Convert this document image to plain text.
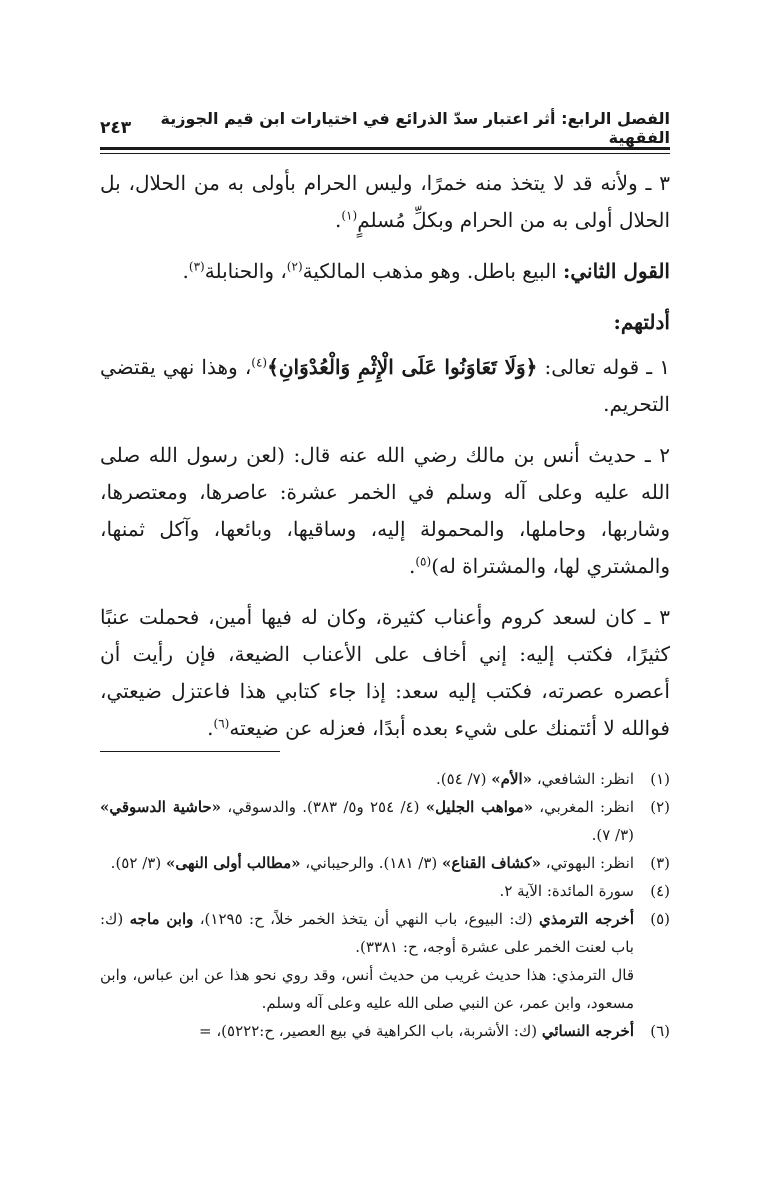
الفصل الرابع: أثر اعتبار سدّ الذرائع في اختيارات ابن قيم الجوزية الفقهية
٢٤٣

٣ ـ ولأنه قد لا يتخذ منه خمرًا، وليس الحرام بأولى به من الحلال، بل الحلال أولى به من الحرام وبكلِّ مُسلمٍ$^{(١)}$.

القول الثاني: البيع باطل. وهو مذهب المالكية$^{(٢)}$، والحنابلة$^{(٣)}$.

أدلتهم:

١ ـ قوله تعالى: ﴿وَلَا تَعَاوَنُوا عَلَى الْإِثْمِ وَالْعُدْوَانِ﴾$^{(٤)}$، وهذا نهي يقتضي التحريم.

٢ ـ حديث أنس بن مالك رضي الله عنه قال: (لعن رسول الله صلى الله عليه وعلى آله وسلم في الخمر عشرة: عاصرها، ومعتصرها، وشاربها، وحاملها، والمحمولة إليه، وساقيها، وبائعها، وآكل ثمنها، والمشتري لها، والمشتراة له)$^{(٥)}$.

٣ ـ كان لسعد كروم وأعناب كثيرة، وكان له فيها أمين، فحملت عنبًا كثيرًا، فكتب إليه: إني أخاف على الأعناب الضيعة، فإن رأيت أن أعصره عصرته، فكتب إليه سعد: إذا جاء كتابي هذا فاعتزل ضيعتي، فوالله لا أئتمنك على شيء بعده أبدًا، فعزله عن ضيعته$^{(٦)}$.

(١)
انظر: الشافعي، «الأم» (٧/ ٥٤).
(٢)
انظر: المغربي، «مواهب الجليل» (٤/ ٢٥٤ و٥/ ٣٨٣). والدسوقي، «حاشية الدسوقي» (٣/ ٧).
(٣)
انظر: البهوتي، «كشاف القناع» (٣/ ١٨١). والرحيباني، «مطالب أولى النهى» (٣/ ٥٢).
(٤)
سورة المائدة: الآية ٢.
(٥)
أخرجه الترمذي (ك: البيوع، باب النهي أن يتخذ الخمر خلاً، ح: ١٢٩٥)، وابن ماجه (ك: باب لعنت الخمر على عشرة أوجه، ح: ٣٣٨١).
قال الترمذي: هذا حديث غريب من حديث أنس، وقد روي نحو هذا عن ابن عباس، وابن مسعود، وابن عمر، عن النبي صلى الله عليه وعلى آله وسلم.
(٦)
أخرجه النسائي (ك: الأشربة، باب الكراهية في بيع العصير، ح:٥٢٢٢)، =
